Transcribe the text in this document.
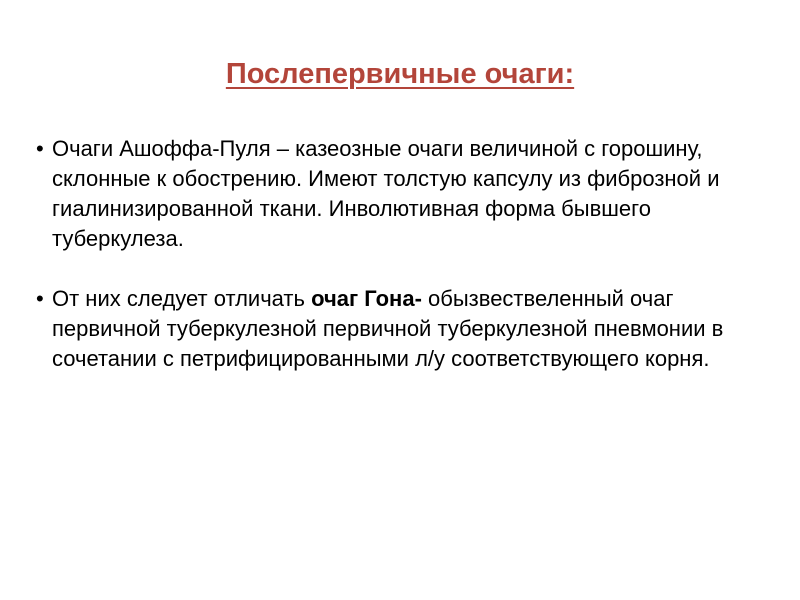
Послепервичные очаги:
• Очаги Ашоффа-Пуля – казеозные очаги величиной с горошину, склонные к обострению. Имеют толстую капсулу из фиброзной и гиалинизированной ткани. Инволютивная форма бывшего туберкулеза.
• От них следует отличать очаг Гона- обызвествеленный очаг первичной туберкулезной первичной туберкулезной пневмонии в сочетании с петрифицированными л/у соответствующего корня.
